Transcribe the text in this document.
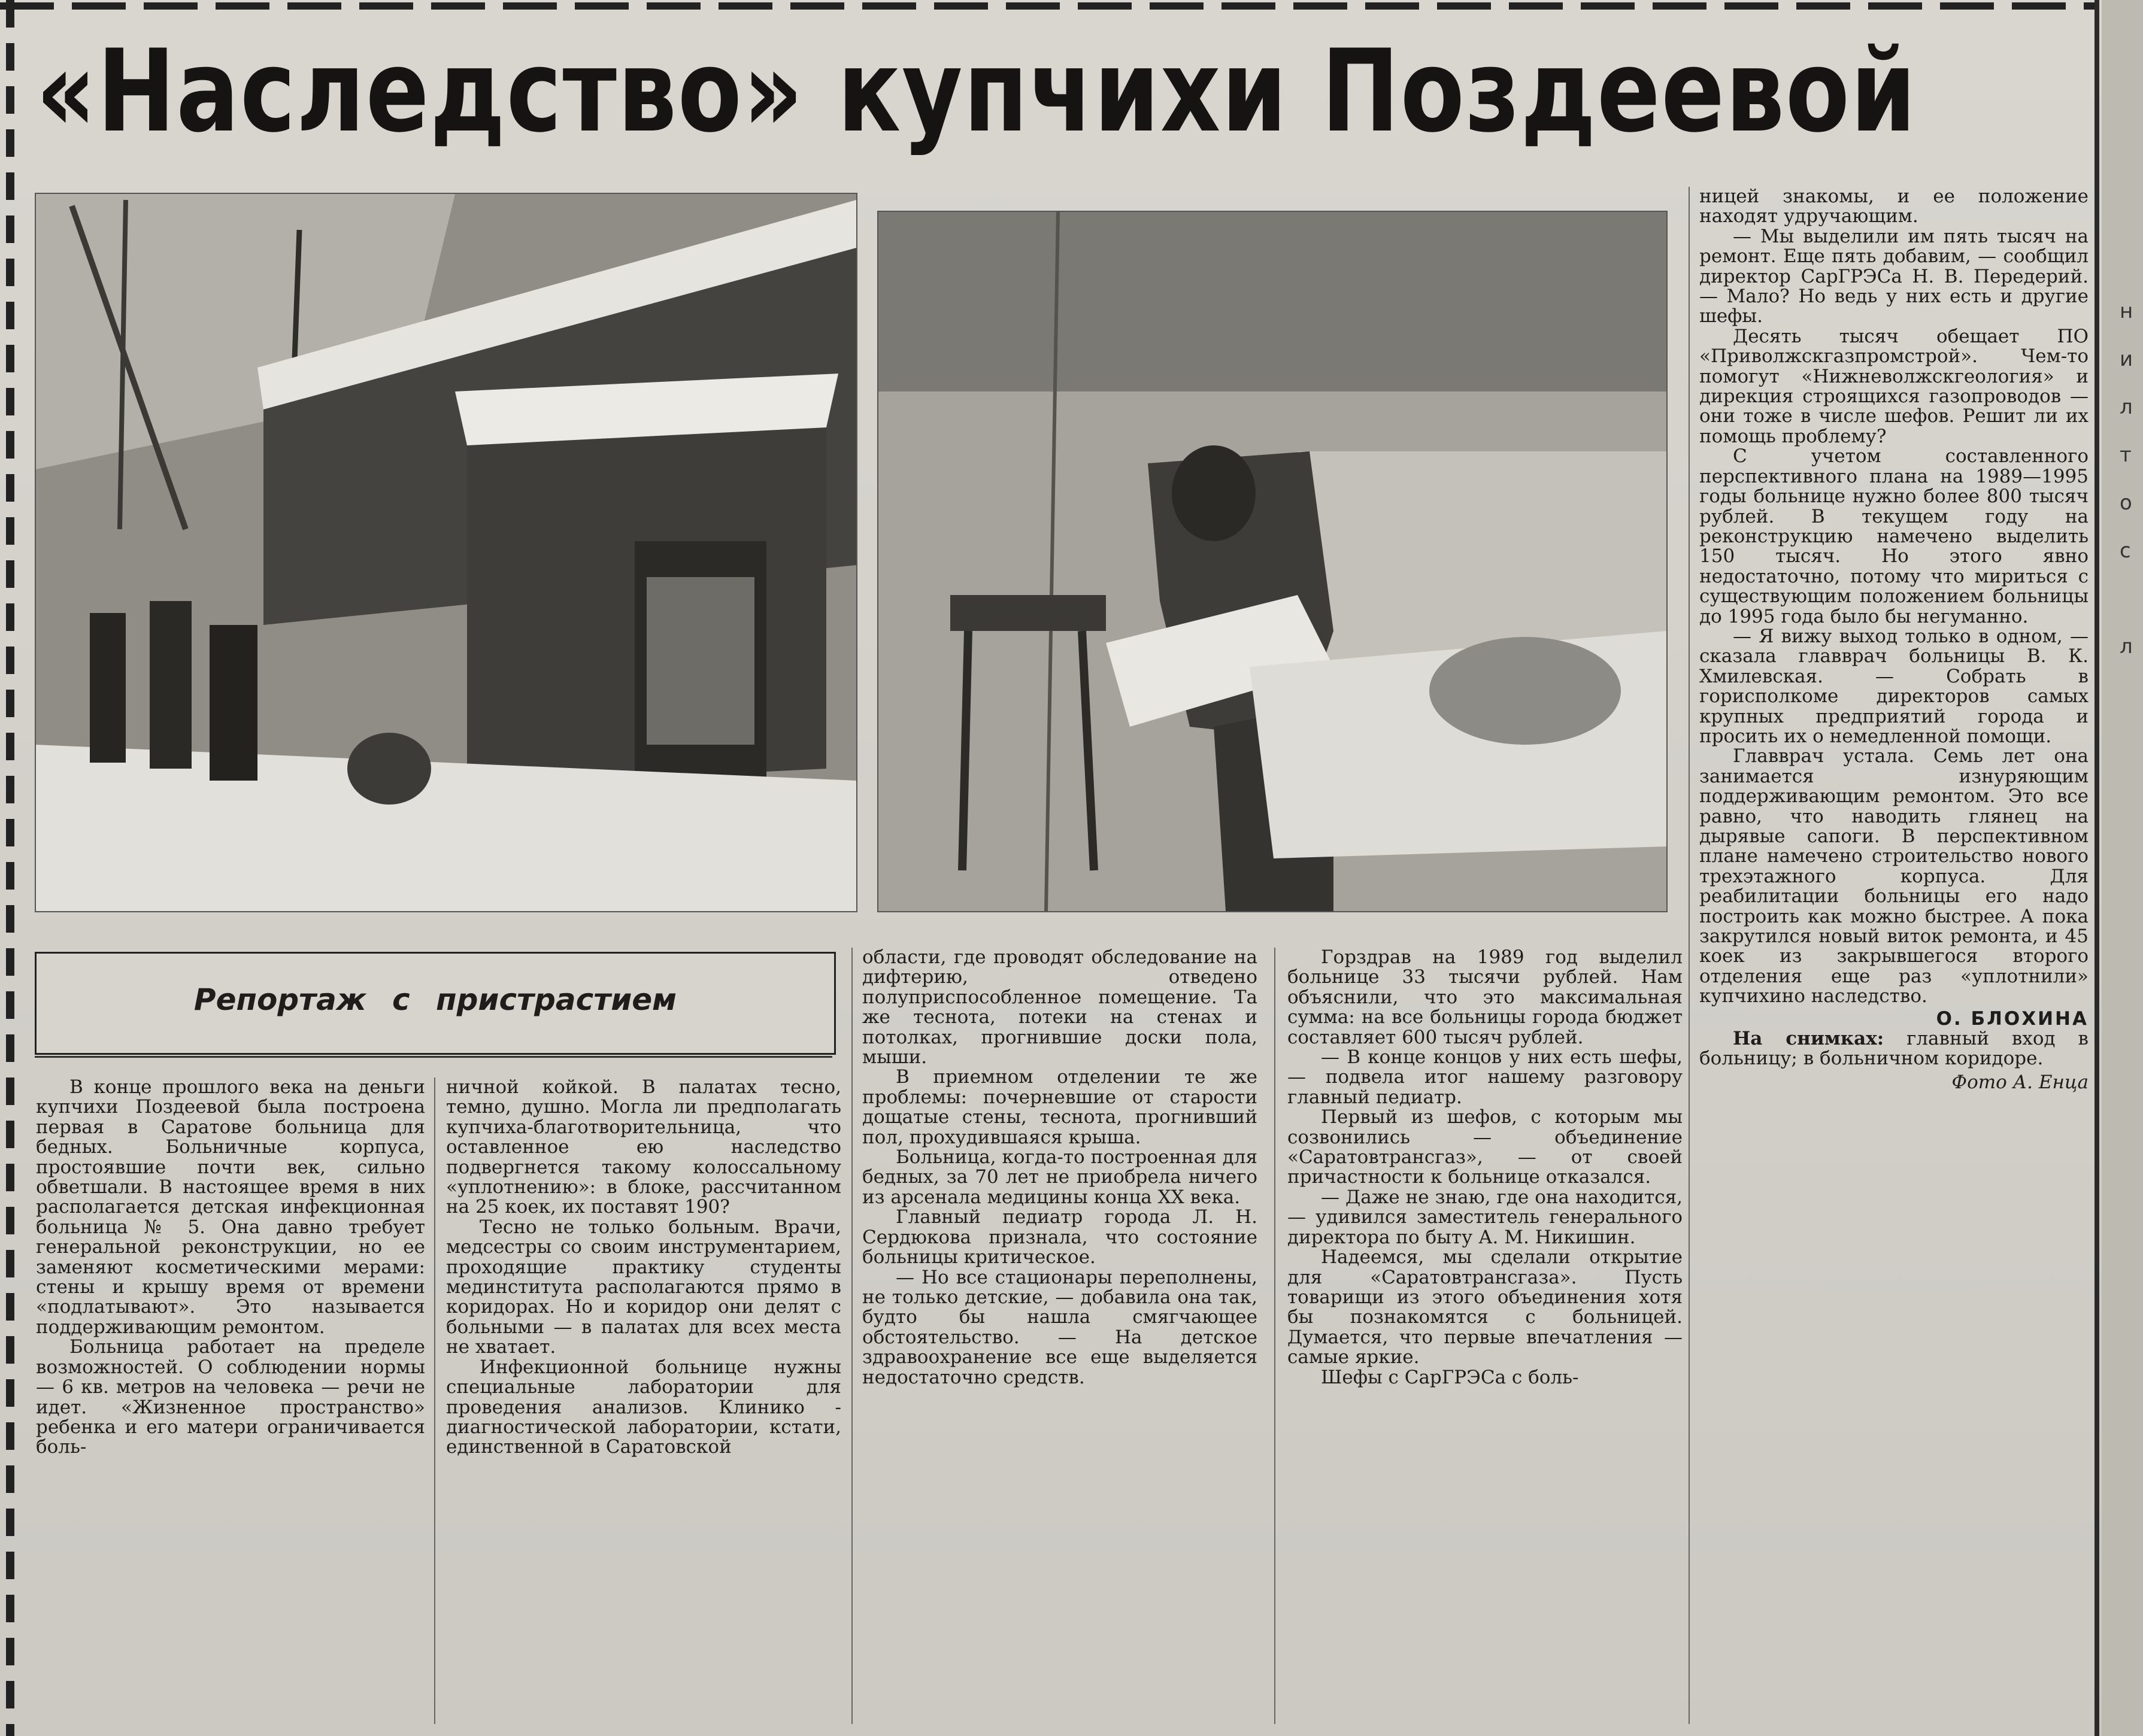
н
и
л
т
о
с
л
«Наследство» купчихи Поздеевой
Репортаж с пристрастием

В конце прошлого века на деньги купчихи Поздеевой была построена первая в Саратове больница для бедных. Больничные корпуса, простоявшие почти век, сильно обветшали. В настоящее время в них располагается детская инфекционная больница № 5. Она давно требует генеральной реконструкции, но ее заменяют косметическими мерами: стены и крышу время от времени «подлатывают». Это называется поддерживающим ремонтом.

Больница работает на пределе возможностей. О соблюдении нормы — 6 кв. метров на человека — речи не идет. «Жизненное пространство» ребенка и его матери ограничивается боль-

ничной койкой. В палатах тесно, темно, душно. Могла ли предполагать купчиха-благотворительница, что оставленное ею наследство подвергнется такому колоссальному «уплотнению»: в блоке, рассчитанном на 25 коек, их поставят 190?

Тесно не только больным. Врачи, медсестры со своим инструментарием, проходящие практику студенты мединститута располагаются прямо в коридорах. Но и коридор они делят с больными — в палатах для всех места не хватает.

Инфекционной больнице нужны специальные лаборатории для проведения анализов. Клинико - диагностической лаборатории, кстати, единственной в Саратовской

области, где проводят обследование на дифтерию, отведено полуприспособленное помещение. Та же теснота, потеки на стенах и потолках, прогнившие доски пола, мыши.

В приемном отделении те же проблемы: почерневшие от старости дощатые стены, теснота, прогнивший пол, прохудившаяся крыша.

Больница, когда-то построенная для бедных, за 70 лет не приобрела ничего из арсенала медицины конца XX века.

Главный педиатр города Л. Н. Сердюкова признала, что состояние больницы критическое.

— Но все стационары переполнены, не только детские, — добавила она так, будто бы нашла смягчающее обстоятельство. — На детское здравоохранение все еще выделяется недостаточно средств.

Горздрав на 1989 год выделил больнице 33 тысячи рублей. Нам объяснили, что это максимальная сумма: на все больницы города бюджет составляет 600 тысяч рублей.

— В конце концов у них есть шефы, — подвела итог нашему разговору главный педиатр.

Первый из шефов, с которым мы созвонились — объединение «Саратовтрансгаз», — от своей причастности к больнице отказался.

— Даже не знаю, где она находится, — удивился заместитель генерального директора по быту А. М. Никишин.

Надеемся, мы сделали открытие для «Саратовтрансгаза». Пусть товарищи из этого объединения хотя бы познакомятся с больницей. Думается, что первые впечатления — самые яркие.

Шефы с СарГРЭСа с боль-

ницей знакомы, и ее положение находят удручающим.

— Мы выделили им пять тысяч на ремонт. Еще пять добавим, — сообщил директор СарГРЭСа Н. В. Передерий. — Мало? Но ведь у них есть и другие шефы.

Десять тысяч обещает ПО «Приволжскгазпромстрой». Чем-то помогут «Нижневолжскгеология» и дирекция строящихся газопроводов — они тоже в числе шефов. Решит ли их помощь проблему?

С учетом составленного перспективного плана на 1989—1995 годы больнице нужно более 800 тысяч рублей. В текущем году на реконструкцию намечено выделить 150 тысяч. Но этого явно недостаточно, потому что мириться с существующим положением больницы до 1995 года было бы негуманно.

— Я вижу выход только в одном, — сказала главврач больницы В. К. Хмилевская. — Собрать в горисполкоме директоров самых крупных предприятий города и просить их о немедленной помощи.

Главврач устала. Семь лет она занимается изнуряющим поддерживающим ремонтом. Это все равно, что наводить глянец на дырявые сапоги. В перспективном плане намечено строительство нового трехэтажного корпуса. Для реабилитации больницы его надо построить как можно быстрее. А пока закрутился новый виток ремонта, и 45 коек из закрывшегося второго отделения еще раз «уплотнили» купчихино наследство.

О. БЛОХИНА

На снимках: главный вход в больницу; в больничном коридоре.

Фото А. Енца
